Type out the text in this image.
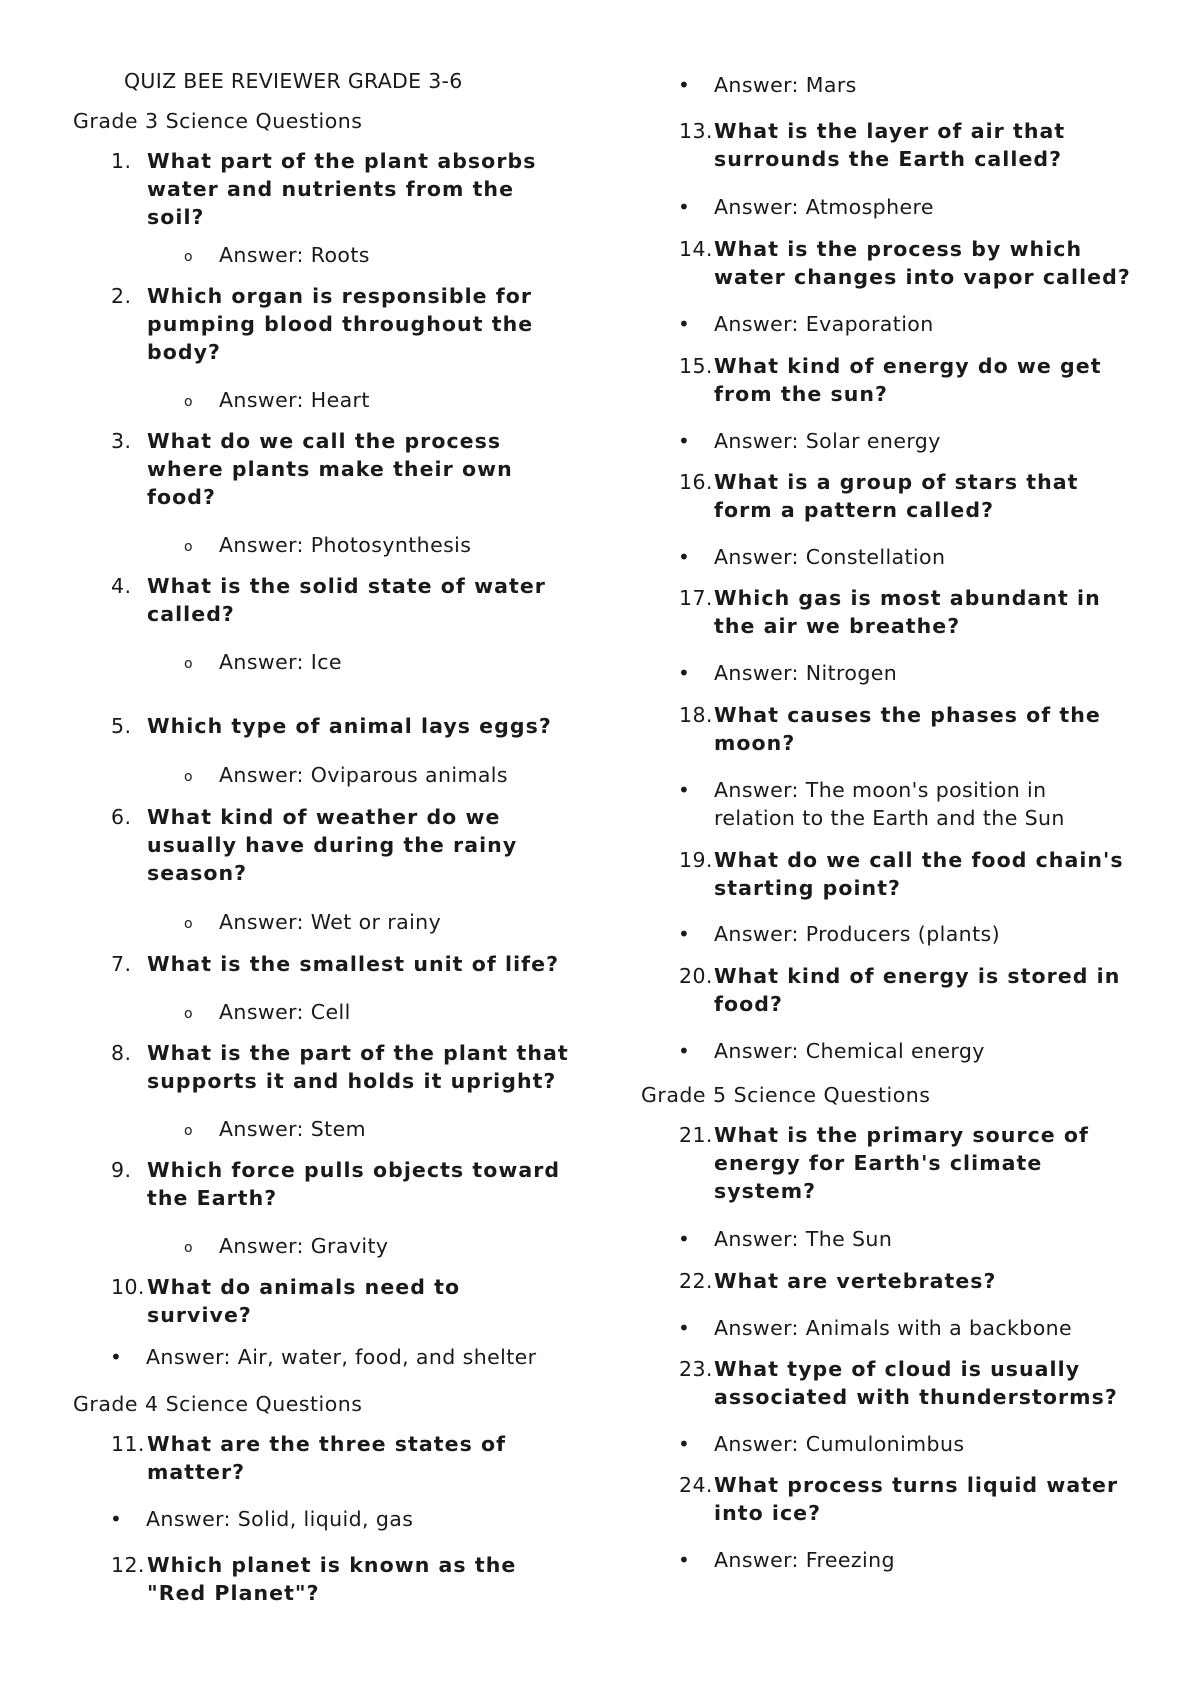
QUIZ BEE REVIEWER GRADE 3-6
Grade 3 Science Questions
1. What part of the plant absorbs
water and nutrients from the
soil?
o Answer: Roots
2. Which organ is responsible for
pumping blood throughout the
body?
o Answer: Heart
3. What do we call the process
where plants make their own
food?
o Answer: Photosynthesis
4. What is the solid state of water
called?
o Answer: Ice
5. Which type of animal lays eggs?
o Answer: Oviparous animals
6. What kind of weather do we
usually have during the rainy
season?
o Answer: Wet or rainy
7. What is the smallest unit of life?
o Answer: Cell
8. What is the part of the plant that
supports it and holds it upright?
o Answer: Stem
9. Which force pulls objects toward
the Earth?
o Answer: Gravity
10. What do animals need to
survive?
• Answer: Air, water, food, and shelter
Grade 4 Science Questions
11. What are the three states of
matter?
• Answer: Solid, liquid, gas
12. Which planet is known as the
"Red Planet"?
• Answer: Mars
13. What is the layer of air that
surrounds the Earth called?
• Answer: Atmosphere
14. What is the process by which
water changes into vapor called?
• Answer: Evaporation
15. What kind of energy do we get
from the sun?
• Answer: Solar energy
16. What is a group of stars that
form a pattern called?
• Answer: Constellation
17. Which gas is most abundant in
the air we breathe?
• Answer: Nitrogen
18. What causes the phases of the
moon?
• Answer: The moon's position in
relation to the Earth and the Sun
19. What do we call the food chain's
starting point?
• Answer: Producers (plants)
20. What kind of energy is stored in
food?
• Answer: Chemical energy
Grade 5 Science Questions
21. What is the primary source of
energy for Earth's climate
system?
• Answer: The Sun
22. What are vertebrates?
• Answer: Animals with a backbone
23. What type of cloud is usually
associated with thunderstorms?
• Answer: Cumulonimbus
24. What process turns liquid water
into ice?
• Answer: Freezing
